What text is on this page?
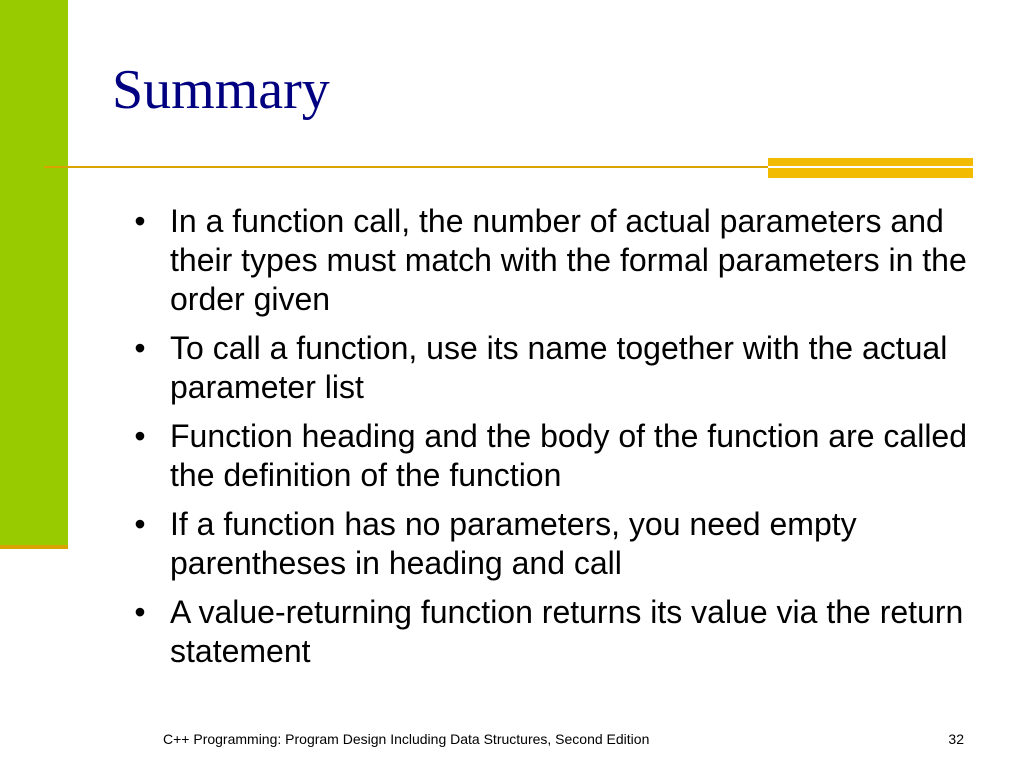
Summary
• In a function call, the number of actual parameters and their types must match with the formal parameters in the order given
• To call a function, use its name together with the actual parameter list
• Function heading and the body of the function are called the definition of the function
• If a function has no parameters, you need empty parentheses in heading and call
• A value-returning function returns its value via the return statement
C++ Programming: Program Design Including Data Structures, Second Edition	32
